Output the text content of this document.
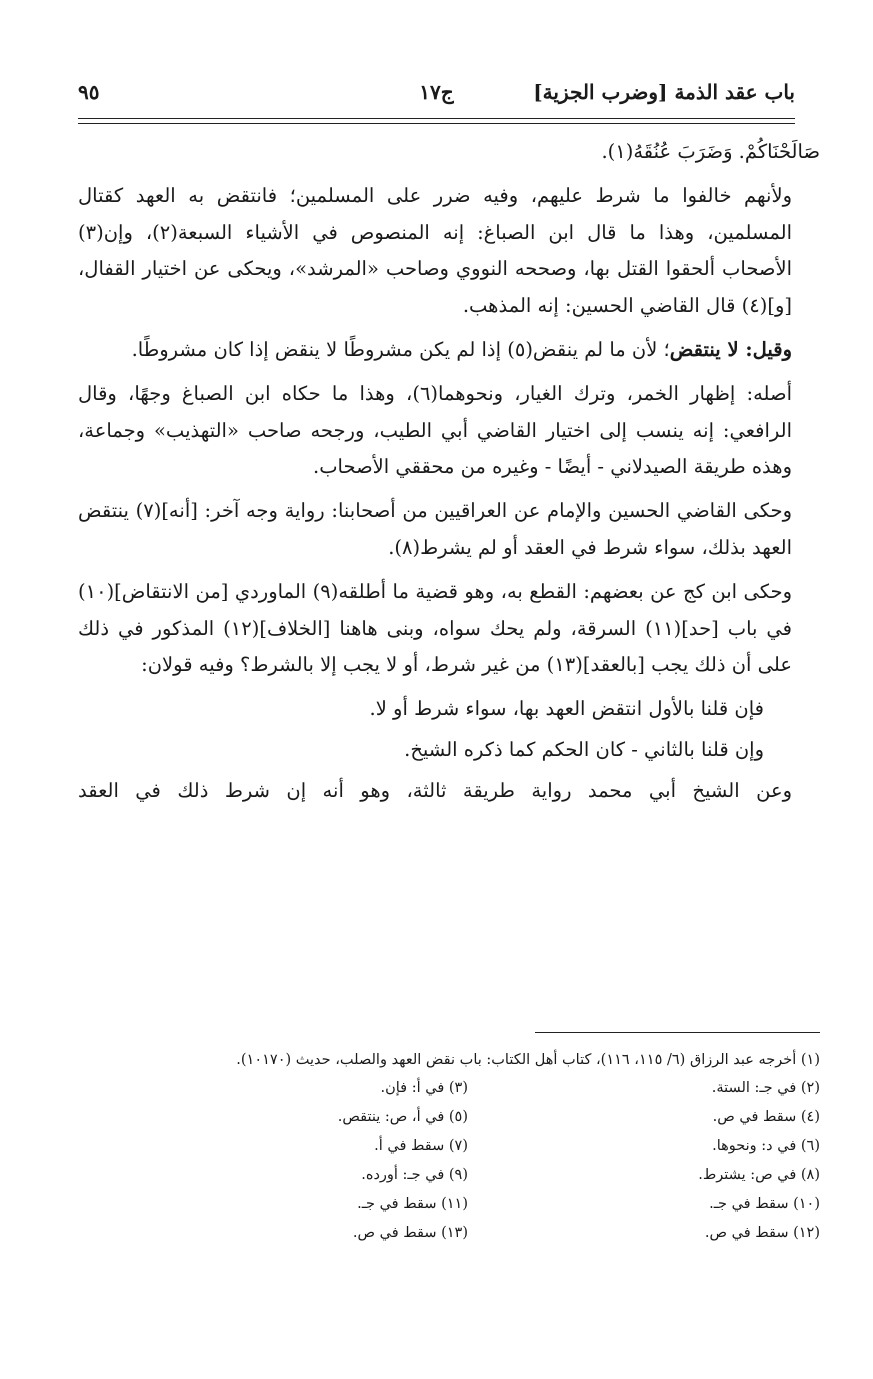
باب عقد الذمة [وضرب الجزية]
ج١٧
٩٥

صَالَحْنَاكُمْ. وَضَرَبَ عُنُقَهُ(١).

ولأنهم خالفوا ما شرط عليهم، وفيه ضرر على المسلمين؛ فانتقض به العهد كقتال المسلمين، وهذا ما قال ابن الصباغ: إنه المنصوص في الأشياء السبعة(٢)، وإن(٣) الأصحاب ألحقوا القتل بها، وصححه النووي وصاحب «المرشد»، ويحكى عن اختيار القفال، [و](٤) قال القاضي الحسين: إنه المذهب.

وقيل: لا ينتقض؛ لأن ما لم ينقض(٥) إذا لم يكن مشروطًا لا ينقض إذا كان مشروطًا.

أصله: إظهار الخمر، وترك الغيار، ونحوهما(٦)، وهذا ما حكاه ابن الصباغ وجهًا، وقال الرافعي: إنه ينسب إلى اختيار القاضي أبي الطيب، ورجحه صاحب «التهذيب» وجماعة، وهذه طريقة الصيدلاني - أيضًا - وغيره من محققي الأصحاب.

وحكى القاضي الحسين والإمام عن العراقيين من أصحابنا: رواية وجه آخر: [أنه](٧) ينتقض العهد بذلك، سواء شرط في العقد أو لم يشرط(٨).

وحكى ابن كج عن بعضهم: القطع به، وهو قضية ما أطلقه(٩) الماوردي [من الانتقاض](١٠) في باب [حد](١١) السرقة، ولم يحك سواه، وبنى هاهنا [الخلاف](١٢) المذكور في ذلك على أن ذلك يجب [بالعقد](١٣) من غير شرط، أو لا يجب إلا بالشرط؟ وفيه قولان:

فإن قلنا بالأول انتقض العهد بها، سواء شرط أو لا.

وإن قلنا بالثاني - كان الحكم كما ذكره الشيخ.

وعن الشيخ أبي محمد رواية طريقة ثالثة، وهو أنه إن شرط ذلك في العقد

(١) أخرجه عبد الرزاق (٦/ ١١٥، ١١٦)، كتاب أهل الكتاب: باب نقض العهد والصلب، حديث (١٠١٧٠).

(٢) في جـ: الستة.
(٣) في أ: فإن.
(٤) سقط في ص.
(٥) في أ، ص: ينتقص.
(٦) في د: ونحوها.
(٧) سقط في أ.
(٨) في ص: يشترط.
(٩) في جـ: أورده.
(١٠) سقط في جـ.
(١١) سقط في جـ.
(١٢) سقط في ص.
(١٣) سقط في ص.
